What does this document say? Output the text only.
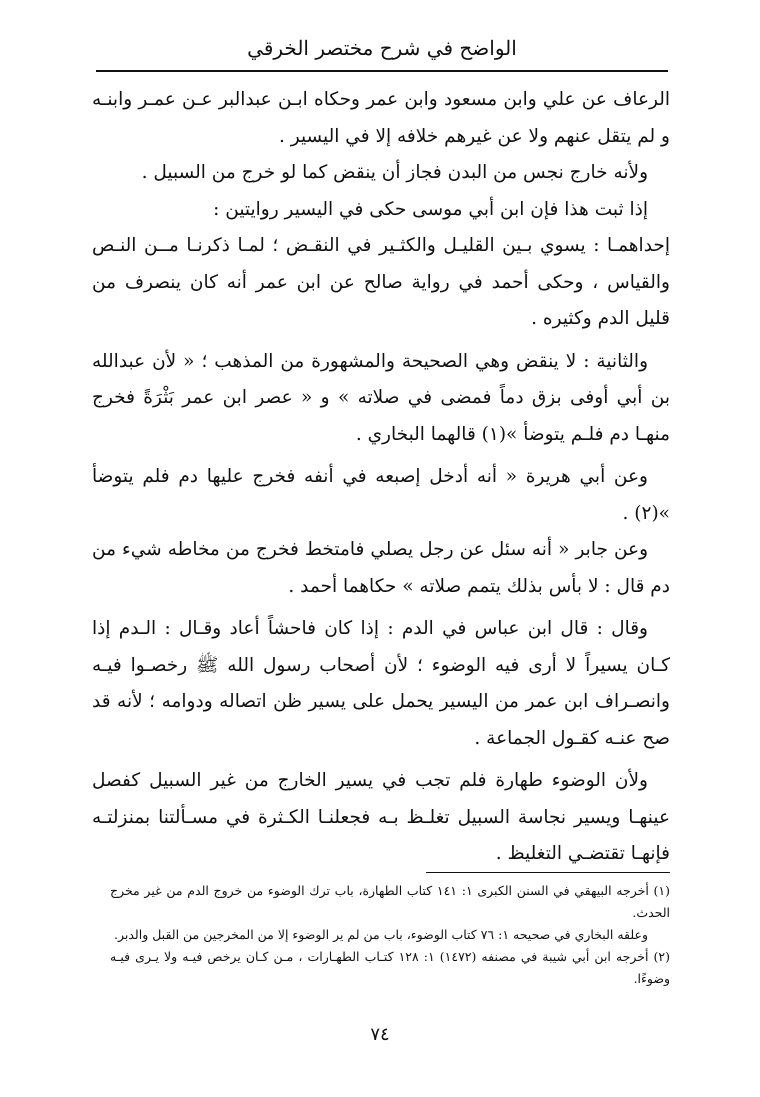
الواضح في شرح مختصر الخرقي

الرعاف عن علي وابن مسعود وابن عمر وحكاه ابـن عبدالبر عـن عمـر وابنـه و لم يتقل عنهم ولا عن غيرهم خلافه إلا في اليسير .

ولأنه خارج نجس من البدن فجاز أن ينقض كما لو خرج من السبيل .

إذا ثبت هذا فإن ابن أبي موسى حكى في اليسير روايتين :

إحداهمـا : يسوي بـين القليـل والكثـير في النقـض ؛ لمـا ذكرنـا مــن النـص والقياس ، وحكى أحمد في رواية صالح عن ابن عمر أنه كان ينصرف من قليل الدم وكثيره .

والثانية : لا ينقض وهي الصحيحة والمشهورة من المذهب ؛ « لأن عبدالله بن أبي أوفى بزق دماً فمضى في صلاته » و « عصر ابن عمر بَثْرَةً فخرج منهـا دم فلـم يتوضأ »(١) قالهما البخاري .

وعن أبي هريرة « أنه أدخل إصبعه في أنفه فخرج عليها دم فلم يتوضأ »(٢) .

وعن جابر « أنه سئل عن رجل يصلي فامتخط فخرج من مخاطه شيء من دم قال : لا بأس بذلك يتمم صلاته » حكاهما أحمد .

وقال : قال ابن عباس في الدم : إذا كان فاحشاً أعاد وقـال : الـدم إذا كـان يسيراً لا أرى فيه الوضوء ؛ لأن أصحاب رسول الله ﷺ رخصـوا فيـه وانصـراف ابن عمر من اليسير يحمل على يسير ظن اتصاله ودوامه ؛ لأنه قد صح عنـه كقـول الجماعة .

ولأن الوضوء طهارة فلم تجب في يسير الخارج من غير السبيل كفصل عينهـا ويسير نجاسة السبيل تغلـظ بـه فجعلنـا الكـثرة في مسـألتنا بمنزلتـه فإنهـا تقتضـي التغليظ .

(١) أخرجه البيهقي في السنن الكبرى ١: ١٤١ كتاب الطهارة، باب ترك الوضوء من خروج الدم من غير مخرج الحدث.

وعلقه البخاري في صحيحه ١: ٧٦ كتاب الوضوء، باب من لم ير الوضوء إلا من المخرجين من القبل والدبر.

(٢) أخرجه ابن أبي شيبة في مصنفه (١٤٧٢) ١: ١٢٨ كتـاب الطهـارات ، مـن كـان يرخص فيـه ولا يـرى فيـه وضوءًا.

٧٤
